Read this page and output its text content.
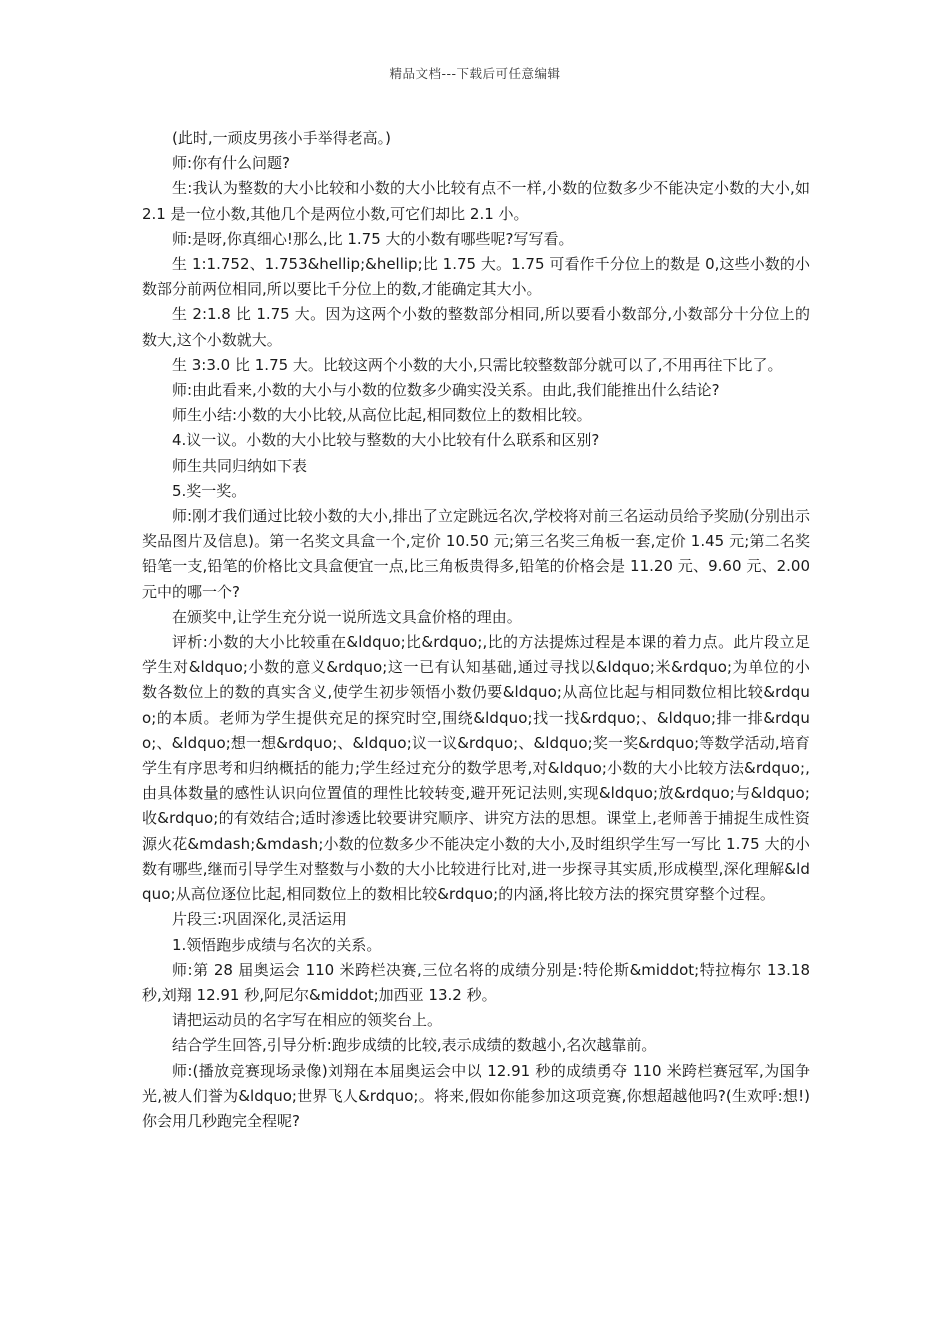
精品文档---下载后可任意编辑

(此时,一顽皮男孩小手举得老高。)

师:你有什么问题?

生:我认为整数的大小比较和小数的大小比较有点不一样,小数的位数多少不能决定小数的大小,如 2.1 是一位小数,其他几个是两位小数,可它们却比 2.1 小。

师:是呀,你真细心!那么,比 1.75 大的小数有哪些呢?写写看。

生 1:1.752、1.753&hellip;&hellip;比 1.75 大。1.75 可看作千分位上的数是 0,这些小数的小数部分前两位相同,所以要比千分位上的数,才能确定其大小。

生 2:1.8 比 1.75 大。因为这两个小数的整数部分相同,所以要看小数部分,小数部分十分位上的数大,这个小数就大。

生 3:3.0 比 1.75 大。比较这两个小数的大小,只需比较整数部分就可以了,不用再往下比了。

师:由此看来,小数的大小与小数的位数多少确实没关系。由此,我们能推出什么结论?

师生小结:小数的大小比较,从高位比起,相同数位上的数相比较。

4.议一议。小数的大小比较与整数的大小比较有什么联系和区别?

师生共同归纳如下表

5.奖一奖。

师:刚才我们通过比较小数的大小,排出了立定跳远名次,学校将对前三名运动员给予奖励(分别出示奖品图片及信息)。第一名奖文具盒一个,定价 10.50 元;第三名奖三角板一套,定价 1.45 元;第二名奖铅笔一支,铅笔的价格比文具盒便宜一点,比三角板贵得多,铅笔的价格会是 11.20 元、9.60 元、2.00 元中的哪一个?

在颁奖中,让学生充分说一说所选文具盒价格的理由。

评析:小数的大小比较重在&ldquo;比&rdquo;,比的方法提炼过程是本课的着力点。此片段立足学生对&ldquo;小数的意义&rdquo;这一已有认知基础,通过寻找以&ldquo;米&rdquo;为单位的小数各数位上的数的真实含义,使学生初步领悟小数仍要&ldquo;从高位比起与相同数位相比较&rdquo;的本质。老师为学生提供充足的探究时空,围绕&ldquo;找一找&rdquo;、&ldquo;排一排&rdquo;、&ldquo;想一想&rdquo;、&ldquo;议一议&rdquo;、&ldquo;奖一奖&rdquo;等数学活动,培育学生有序思考和归纳概括的能力;学生经过充分的数学思考,对&ldquo;小数的大小比较方法&rdquo;,由具体数量的感性认识向位置值的理性比较转变,避开死记法则,实现&ldquo;放&rdquo;与&ldquo;收&rdquo;的有效结合;适时渗透比较要讲究顺序、讲究方法的思想。课堂上,老师善于捕捉生成性资源火花&mdash;&mdash;小数的位数多少不能决定小数的大小,及时组织学生写一写比 1.75 大的小数有哪些,继而引导学生对整数与小数的大小比较进行比对,进一步探寻其实质,形成模型,深化理解&ldquo;从高位逐位比起,相同数位上的数相比较&rdquo;的内涵,将比较方法的探究贯穿整个过程。

片段三:巩固深化,灵活运用

1.领悟跑步成绩与名次的关系。

师:第 28 届奥运会 110 米跨栏决赛,三位名将的成绩分别是:特伦斯&middot;特拉梅尔 13.18 秒,刘翔 12.91 秒,阿尼尔&middot;加西亚 13.2 秒。

请把运动员的名字写在相应的领奖台上。

结合学生回答,引导分析:跑步成绩的比较,表示成绩的数越小,名次越靠前。

师:(播放竞赛现场录像)刘翔在本届奥运会中以 12.91 秒的成绩勇夺 110 米跨栏赛冠军,为国争光,被人们誉为&ldquo;世界飞人&rdquo;。将来,假如你能参加这项竞赛,你想超越他吗?(生欢呼:想!)你会用几秒跑完全程呢?
